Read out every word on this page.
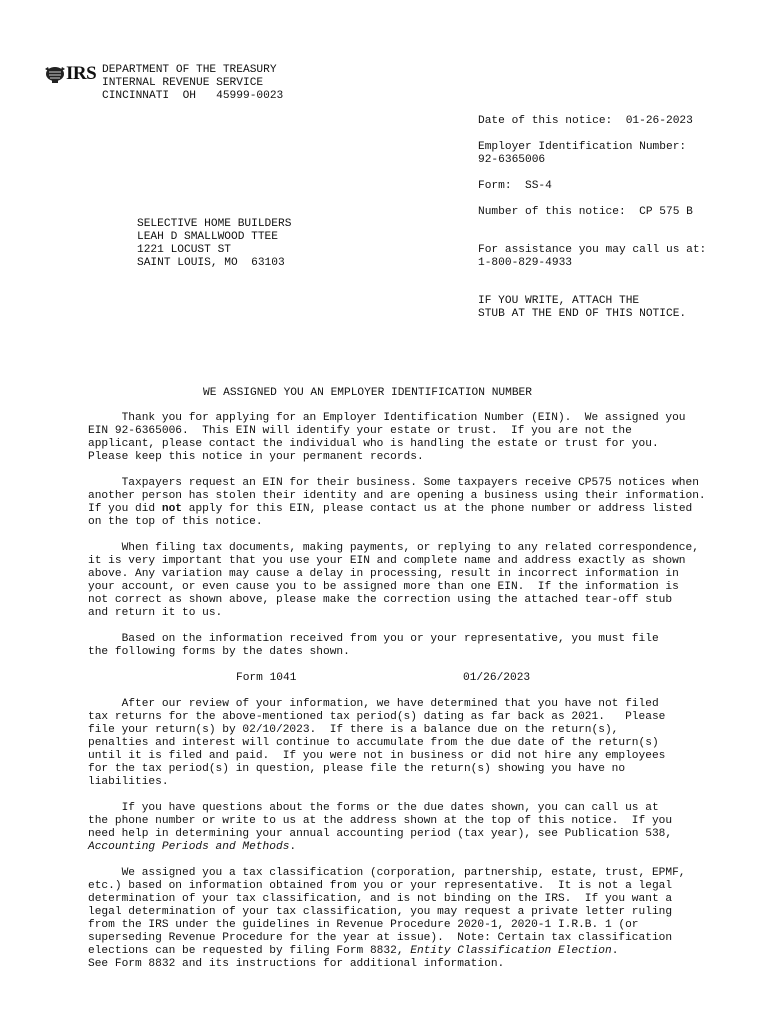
IRS DEPARTMENT OF THE TREASURY
INTERNAL REVENUE SERVICE
CINCINNATI  OH   45999-0023
Date of this notice:  01-26-2023
Employer Identification Number:
92-6365006
Form:  SS-4
Number of this notice:  CP 575 B
SELECTIVE HOME BUILDERS
LEAH D SMALLWOOD TTEE
1221 LOCUST ST
SAINT LOUIS, MO  63103
For assistance you may call us at:
1-800-829-4933
IF YOU WRITE, ATTACH THE
STUB AT THE END OF THIS NOTICE.
WE ASSIGNED YOU AN EMPLOYER IDENTIFICATION NUMBER
Thank you for applying for an Employer Identification Number (EIN).  We assigned you
EIN 92-6365006.  This EIN will identify your estate or trust.  If you are not the
applicant, please contact the individual who is handling the estate or trust for you.
Please keep this notice in your permanent records.
Taxpayers request an EIN for their business. Some taxpayers receive CP575 notices when
another person has stolen their identity and are opening a business using their information.
If you did not apply for this EIN, please contact us at the phone number or address listed
on the top of this notice.
When filing tax documents, making payments, or replying to any related correspondence,
it is very important that you use your EIN and complete name and address exactly as shown
above. Any variation may cause a delay in processing, result in incorrect information in
your account, or even cause you to be assigned more than one EIN.  If the information is
not correct as shown above, please make the correction using the attached tear-off stub
and return it to us.
Based on the information received from you or your representative, you must file
the following forms by the dates shown.
Form 1041	01/26/2023
After our review of your information, we have determined that you have not filed
tax returns for the above-mentioned tax period(s) dating as far back as 2021.   Please
file your return(s) by 02/10/2023.  If there is a balance due on the return(s),
penalties and interest will continue to accumulate from the due date of the return(s)
until it is filed and paid.  If you were not in business or did not hire any employees
for the tax period(s) in question, please file the return(s) showing you have no
liabilities.
If you have questions about the forms or the due dates shown, you can call us at
the phone number or write to us at the address shown at the top of this notice.  If you
need help in determining your annual accounting period (tax year), see Publication 538,
Accounting Periods and Methods.
We assigned you a tax classification (corporation, partnership, estate, trust, EPMF,
etc.) based on information obtained from you or your representative.  It is not a legal
determination of your tax classification, and is not binding on the IRS.  If you want a
legal determination of your tax classification, you may request a private letter ruling
from the IRS under the guidelines in Revenue Procedure 2020-1, 2020-1 I.R.B. 1 (or
superseding Revenue Procedure for the year at issue).  Note: Certain tax classification
elections can be requested by filing Form 8832, Entity Classification Election.
See Form 8832 and its instructions for additional information.
